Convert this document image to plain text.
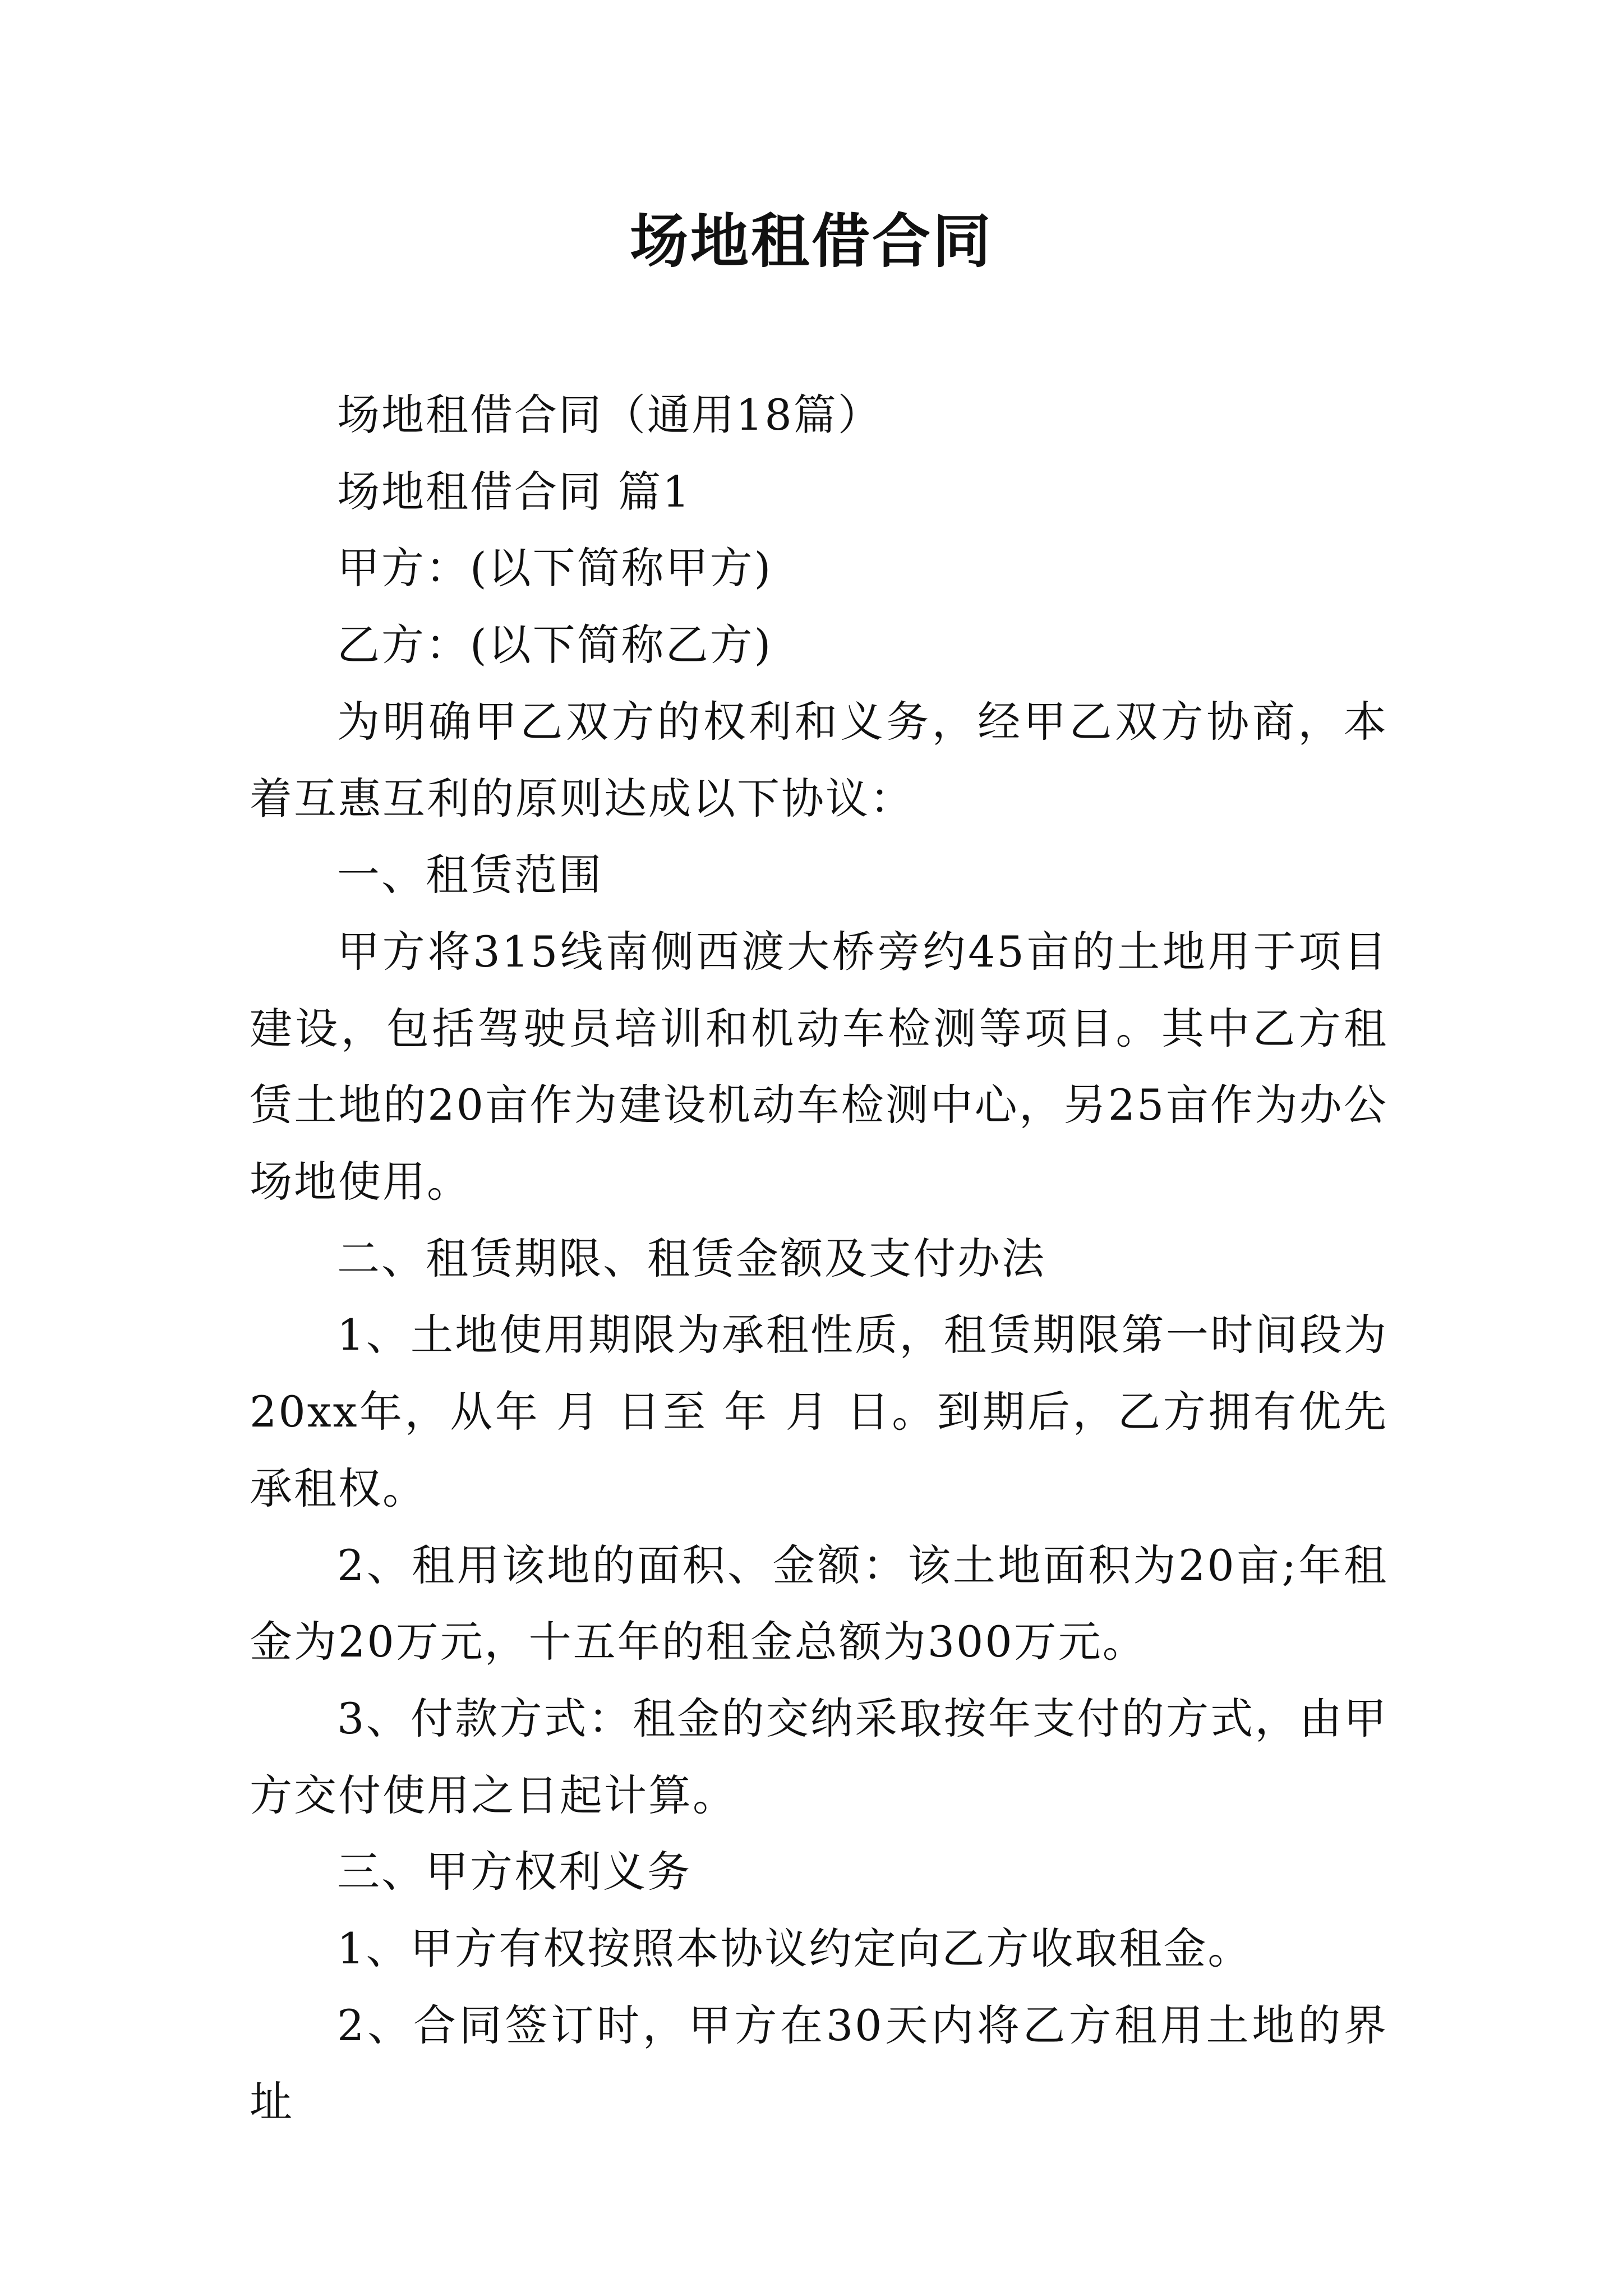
场地租借合同

场地租借合同（通用18篇）

场地租借合同 篇1

甲方：(以下简称甲方)

乙方：(以下简称乙方)

为明确甲乙双方的权利和义务，经甲乙双方协商，本着互惠互利的原则达成以下协议：

一、租赁范围

甲方将315线南侧西渡大桥旁约45亩的土地用于项目建设，包括驾驶员培训和机动车检测等项目。其中乙方租赁土地的20亩作为建设机动车检测中心，另25亩作为办公场地使用。

二、租赁期限、租赁金额及支付办法

1、土地使用期限为承租性质，租赁期限第一时间段为20xx年，从年 月 日至 年 月 日。到期后，乙方拥有优先承租权。

2、租用该地的面积、金额：该土地面积为20亩;年租金为20万元，十五年的租金总额为300万元。

3、付款方式：租金的交纳采取按年支付的方式，由甲方交付使用之日起计算。

三、甲方权利义务

1、甲方有权按照本协议约定向乙方收取租金。

2、合同签订时，甲方在30天内将乙方租用土地的界址
